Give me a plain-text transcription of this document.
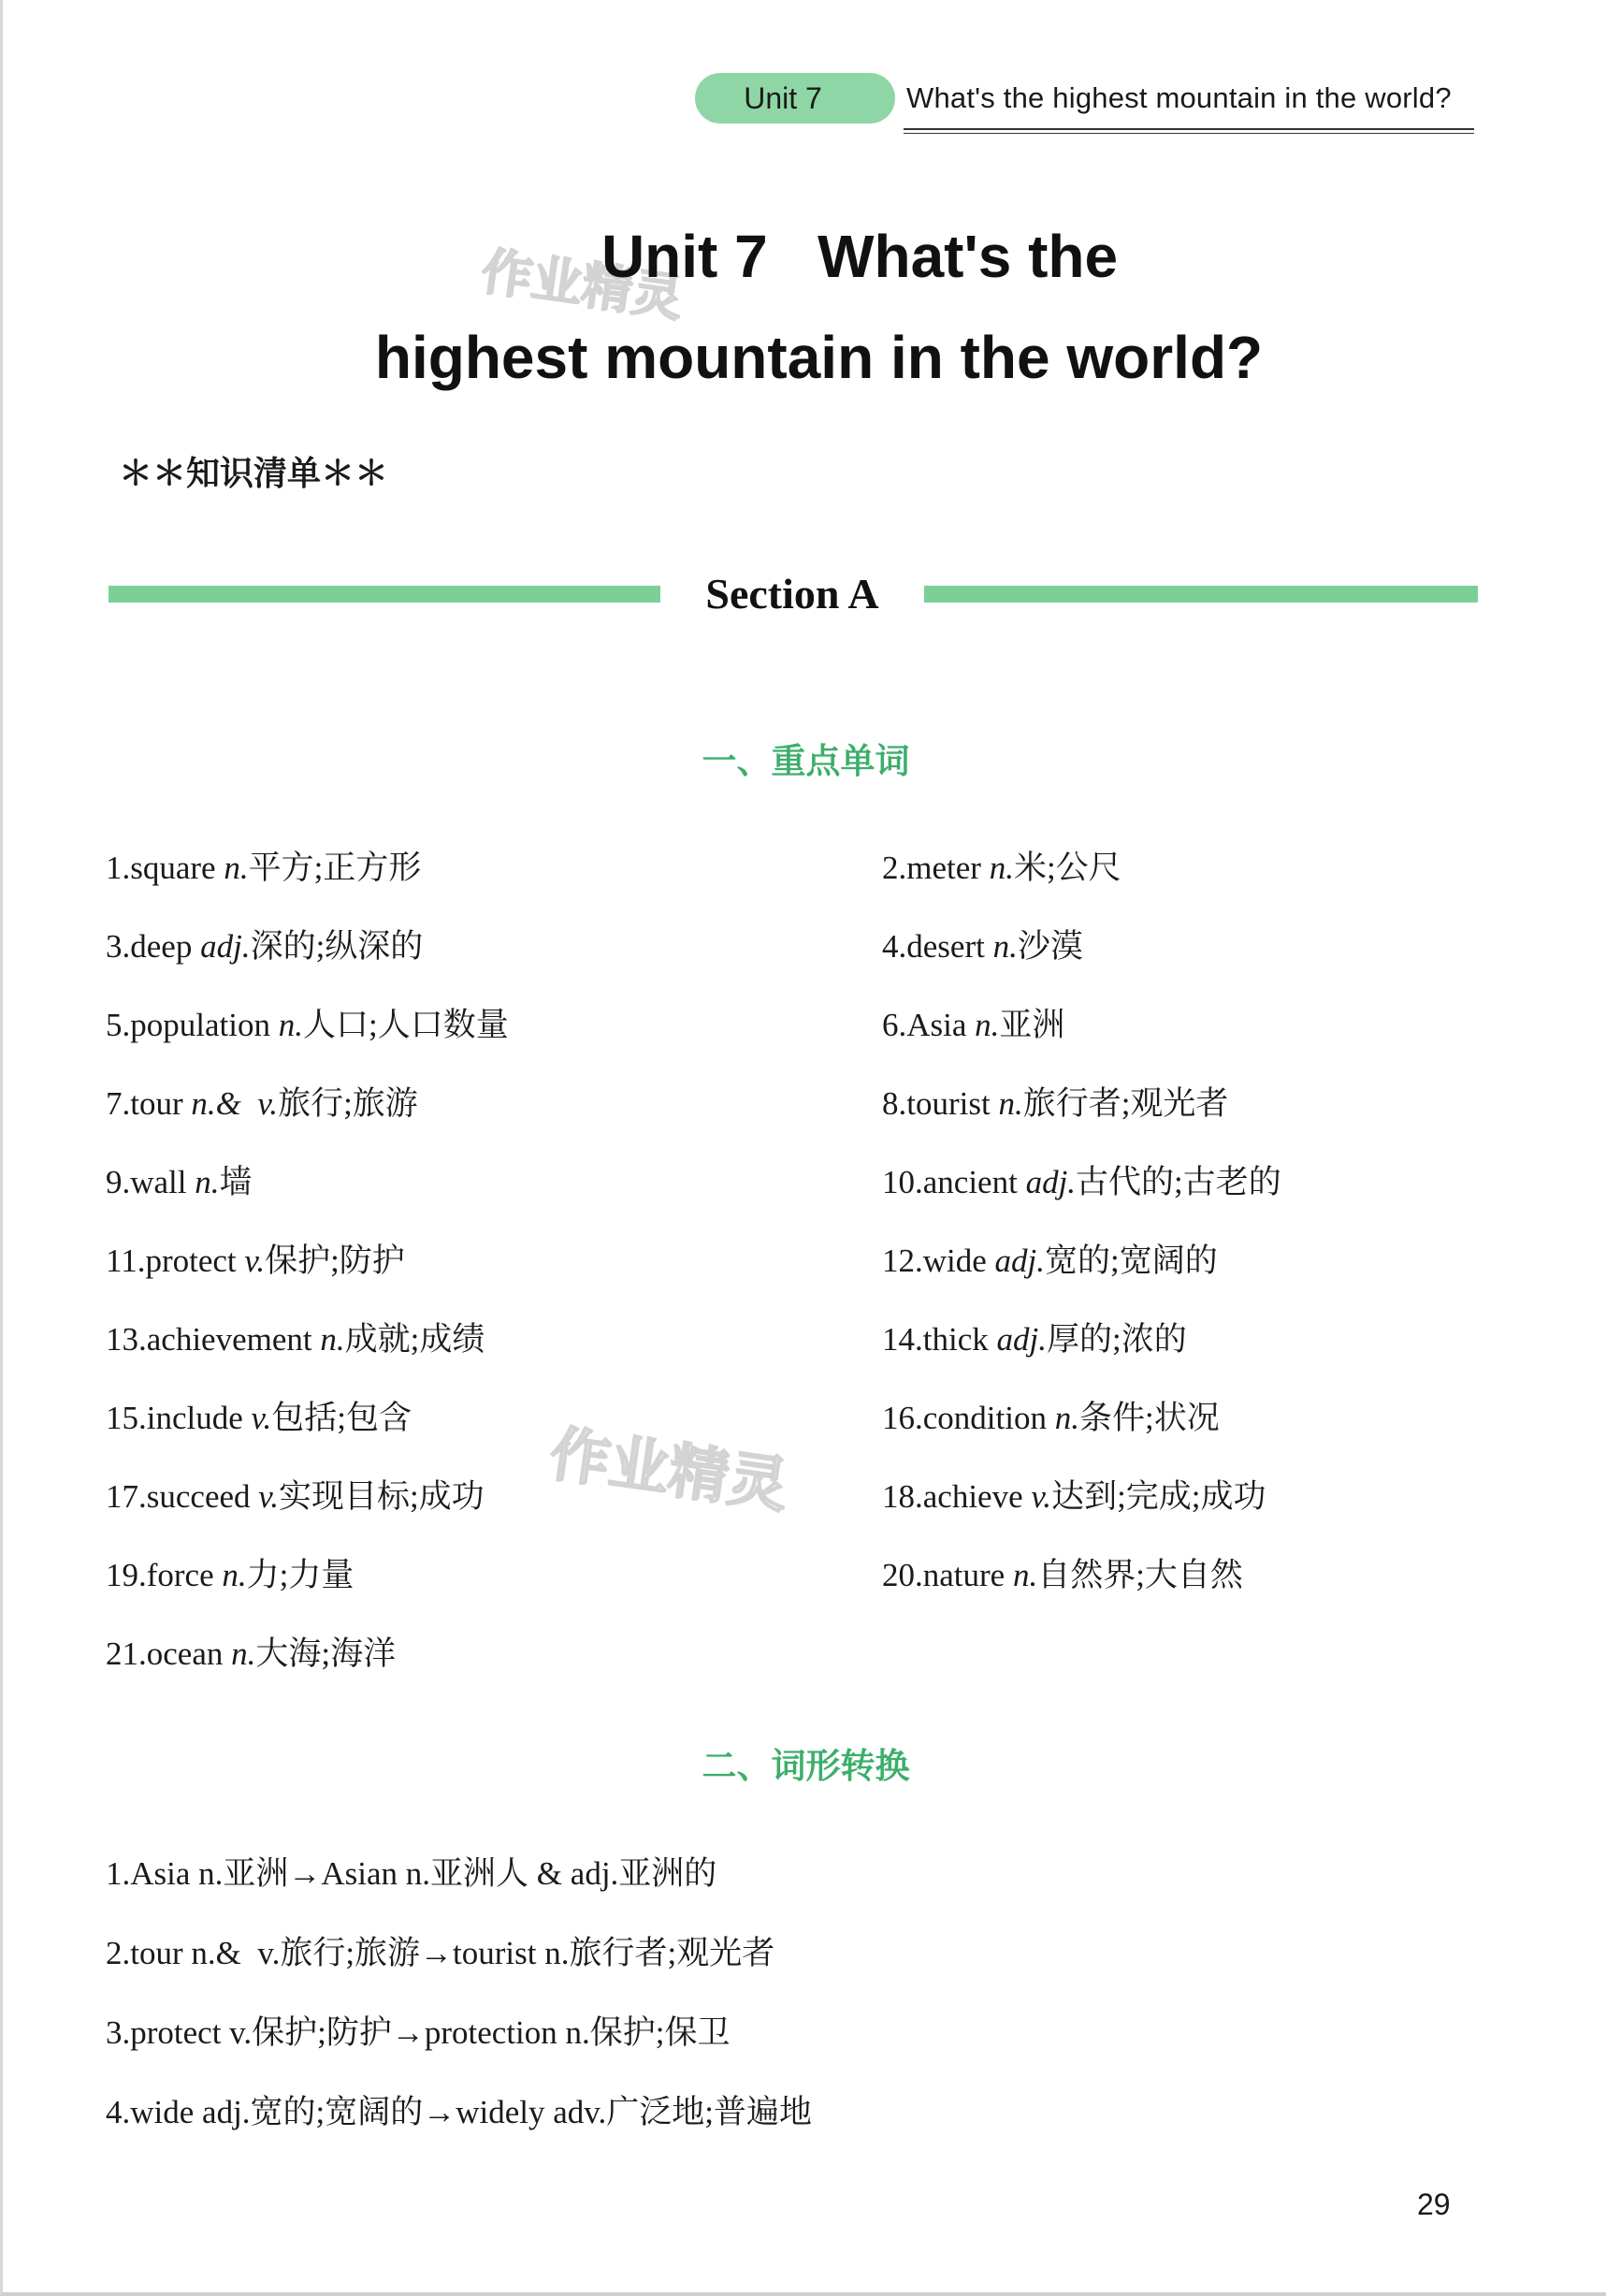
Unit 7	What's the highest mountain in the world?
作业精灵
Unit 7   What's the
highest mountain in the world?
＊＊知识清单＊＊
Section A
一、重点单词
1.square n.平方;正方形	2.meter n.米;公尺
3.deep adj.深的;纵深的	4.desert n.沙漠
5.population n.人口;人口数量	6.Asia n.亚洲
7.tour n.&  v.旅行;旅游	8.tourist n.旅行者;观光者
9.wall n.墙	10.ancient adj.古代的;古老的
11.protect v.保护;防护	12.wide adj.宽的;宽阔的
13.achievement n.成就;成绩	14.thick adj.厚的;浓的
15.include v.包括;包含	16.condition n.条件;状况
17.succeed v.实现目标;成功	18.achieve v.达到;完成;成功
19.force n.力;力量	20.nature n.自然界;大自然
21.ocean n.大海;海洋
作业精灵
二、词形转换
1.Asia n.亚洲→Asian n.亚洲人 & adj.亚洲的
2.tour n.&  v.旅行;旅游→tourist n.旅行者;观光者
3.protect v.保护;防护→protection n.保护;保卫
4.wide adj.宽的;宽阔的→widely adv.广泛地;普遍地
29
